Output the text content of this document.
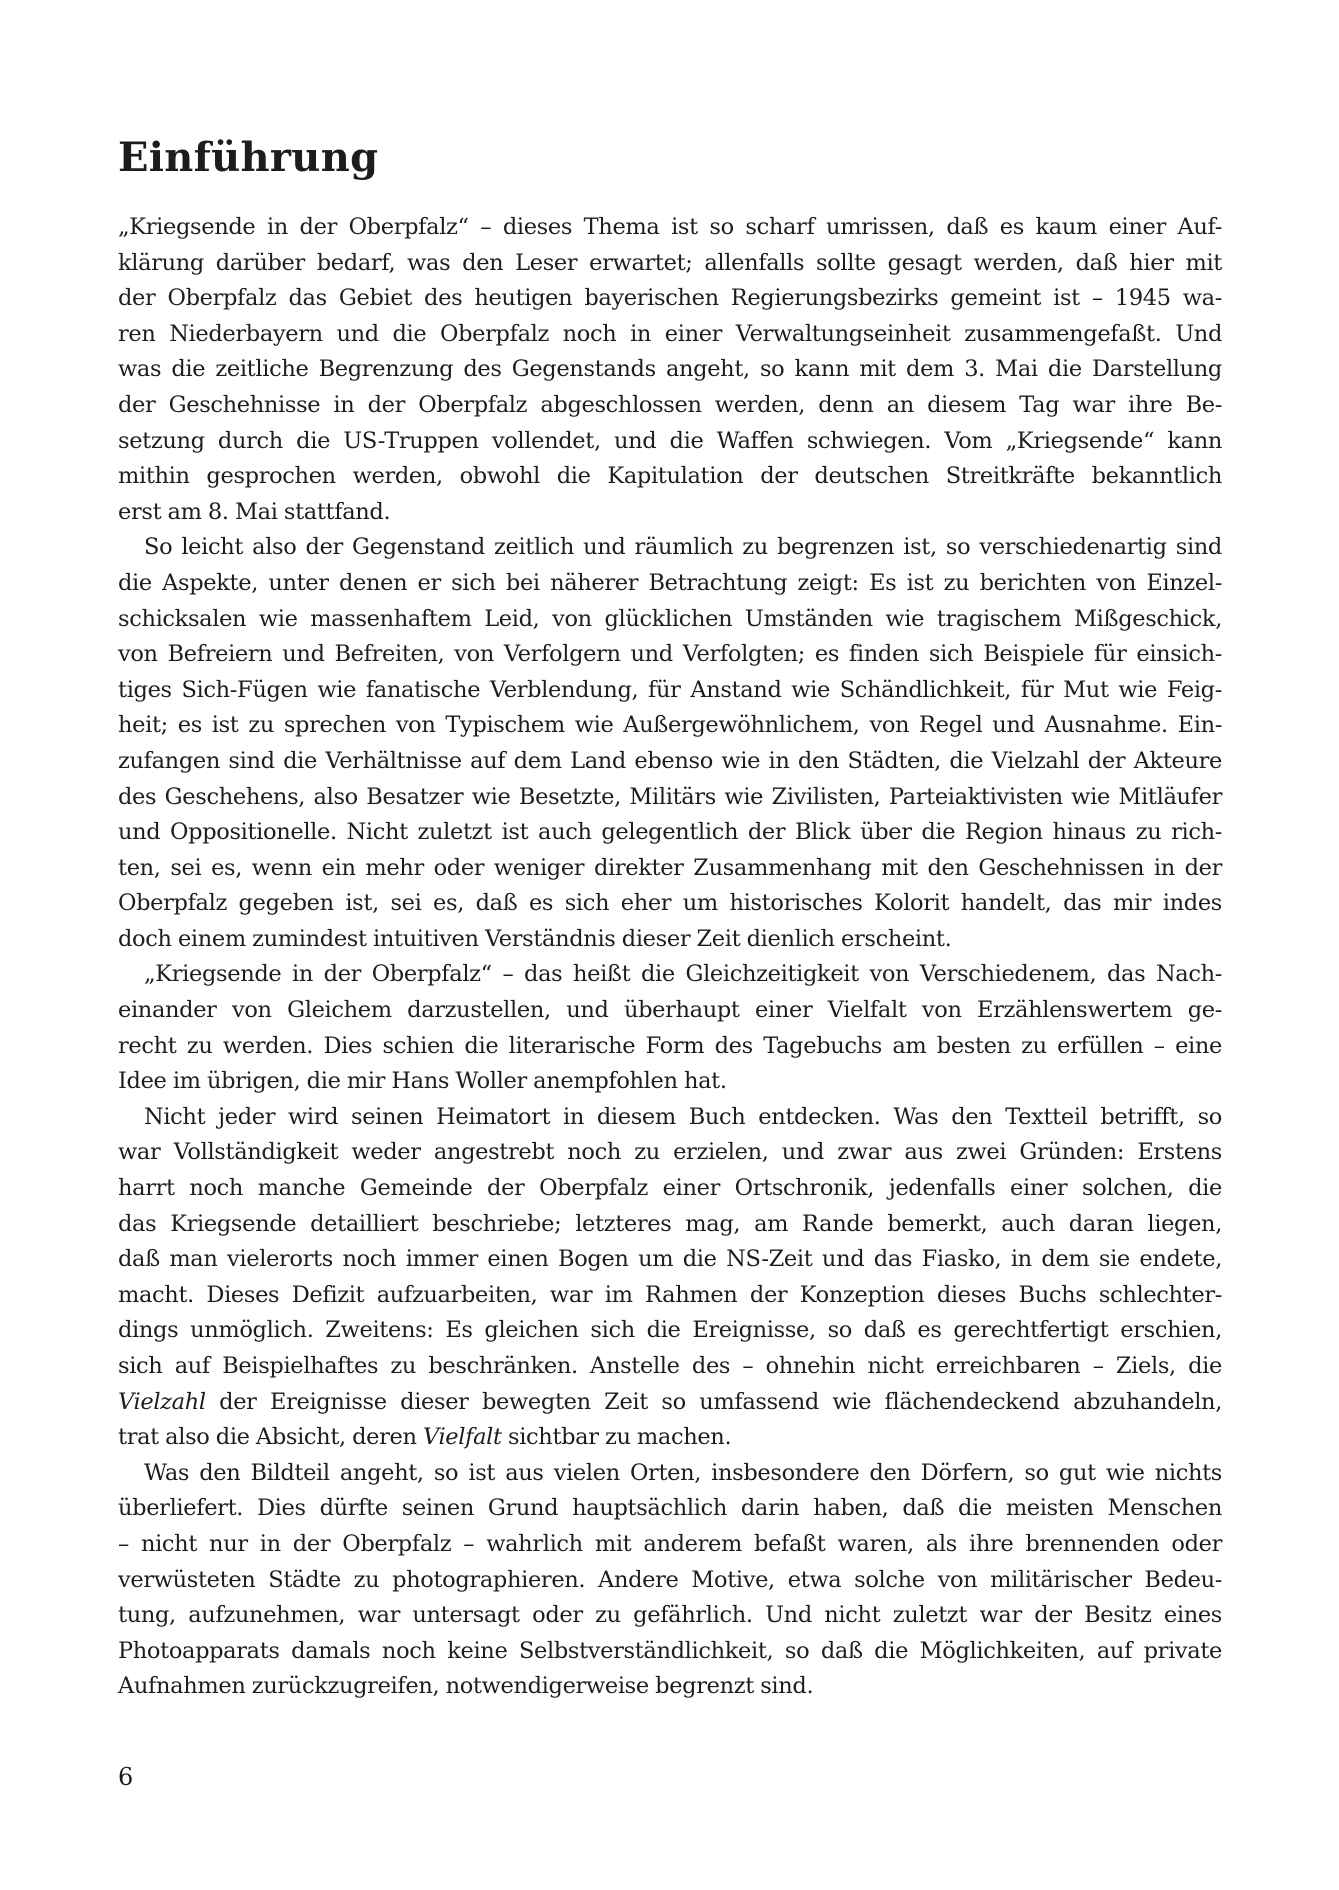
Einführung
„Kriegsende in der Oberpfalz“ – dieses Thema ist so scharf umrissen, daß es kaum einer Auf-
klärung darüber bedarf, was den Leser erwartet; allenfalls sollte gesagt werden, daß hier mit
der Oberpfalz das Gebiet des heutigen bayerischen Regierungsbezirks gemeint ist – 1945 wa-
ren Niederbayern und die Oberpfalz noch in einer Verwaltungseinheit zusammengefaßt. Und
was die zeitliche Begrenzung des Gegenstands angeht, so kann mit dem 3. Mai die Darstellung
der Geschehnisse in der Oberpfalz abgeschlossen werden, denn an diesem Tag war ihre Be-
setzung durch die US-Truppen vollendet, und die Waffen schwiegen. Vom „Kriegsende“ kann
mithin gesprochen werden, obwohl die Kapitulation der deutschen Streitkräfte bekanntlich
erst am 8. Mai stattfand.
So leicht also der Gegenstand zeitlich und räumlich zu begrenzen ist, so verschiedenartig sind
die Aspekte, unter denen er sich bei näherer Betrachtung zeigt: Es ist zu berichten von Einzel-
schicksalen wie massenhaftem Leid, von glücklichen Umständen wie tragischem Mißgeschick,
von Befreiern und Befreiten, von Verfolgern und Verfolgten; es finden sich Beispiele für einsich-
tiges Sich-Fügen wie fanatische Verblendung, für Anstand wie Schändlichkeit, für Mut wie Feig-
heit; es ist zu sprechen von Typischem wie Außergewöhnlichem, von Regel und Ausnahme. Ein-
zufangen sind die Verhältnisse auf dem Land ebenso wie in den Städten, die Vielzahl der Akteure
des Geschehens, also Besatzer wie Besetzte, Militärs wie Zivilisten, Parteiaktivisten wie Mitläufer
und Oppositionelle. Nicht zuletzt ist auch gelegentlich der Blick über die Region hinaus zu rich-
ten, sei es, wenn ein mehr oder weniger direkter Zusammenhang mit den Geschehnissen in der
Oberpfalz gegeben ist, sei es, daß es sich eher um historisches Kolorit handelt, das mir indes
doch einem zumindest intuitiven Verständnis dieser Zeit dienlich erscheint.
„Kriegsende in der Oberpfalz“ – das heißt die Gleichzeitigkeit von Verschiedenem, das Nach-
einander von Gleichem darzustellen, und überhaupt einer Vielfalt von Erzählenswertem ge-
recht zu werden. Dies schien die literarische Form des Tagebuchs am besten zu erfüllen – eine
Idee im übrigen, die mir Hans Woller anempfohlen hat.
Nicht jeder wird seinen Heimatort in diesem Buch entdecken. Was den Textteil betrifft, so
war Vollständigkeit weder angestrebt noch zu erzielen, und zwar aus zwei Gründen: Erstens
harrt noch manche Gemeinde der Oberpfalz einer Ortschronik, jedenfalls einer solchen, die
das Kriegsende detailliert beschriebe; letzteres mag, am Rande bemerkt, auch daran liegen,
daß man vielerorts noch immer einen Bogen um die NS-Zeit und das Fiasko, in dem sie endete,
macht. Dieses Defizit aufzuarbeiten, war im Rahmen der Konzeption dieses Buchs schlechter-
dings unmöglich. Zweitens: Es gleichen sich die Ereignisse, so daß es gerechtfertigt erschien,
sich auf Beispielhaftes zu beschränken. Anstelle des – ohnehin nicht erreichbaren – Ziels, die
Vielzahl der Ereignisse dieser bewegten Zeit so umfassend wie flächendeckend abzuhandeln,
trat also die Absicht, deren Vielfalt sichtbar zu machen.
Was den Bildteil angeht, so ist aus vielen Orten, insbesondere den Dörfern, so gut wie nichts
überliefert. Dies dürfte seinen Grund hauptsächlich darin haben, daß die meisten Menschen
– nicht nur in der Oberpfalz – wahrlich mit anderem befaßt waren, als ihre brennenden oder
verwüsteten Städte zu photographieren. Andere Motive, etwa solche von militärischer Bedeu-
tung, aufzunehmen, war untersagt oder zu gefährlich. Und nicht zuletzt war der Besitz eines
Photoapparats damals noch keine Selbstverständlichkeit, so daß die Möglichkeiten, auf private
Aufnahmen zurückzugreifen, notwendigerweise begrenzt sind.
6
